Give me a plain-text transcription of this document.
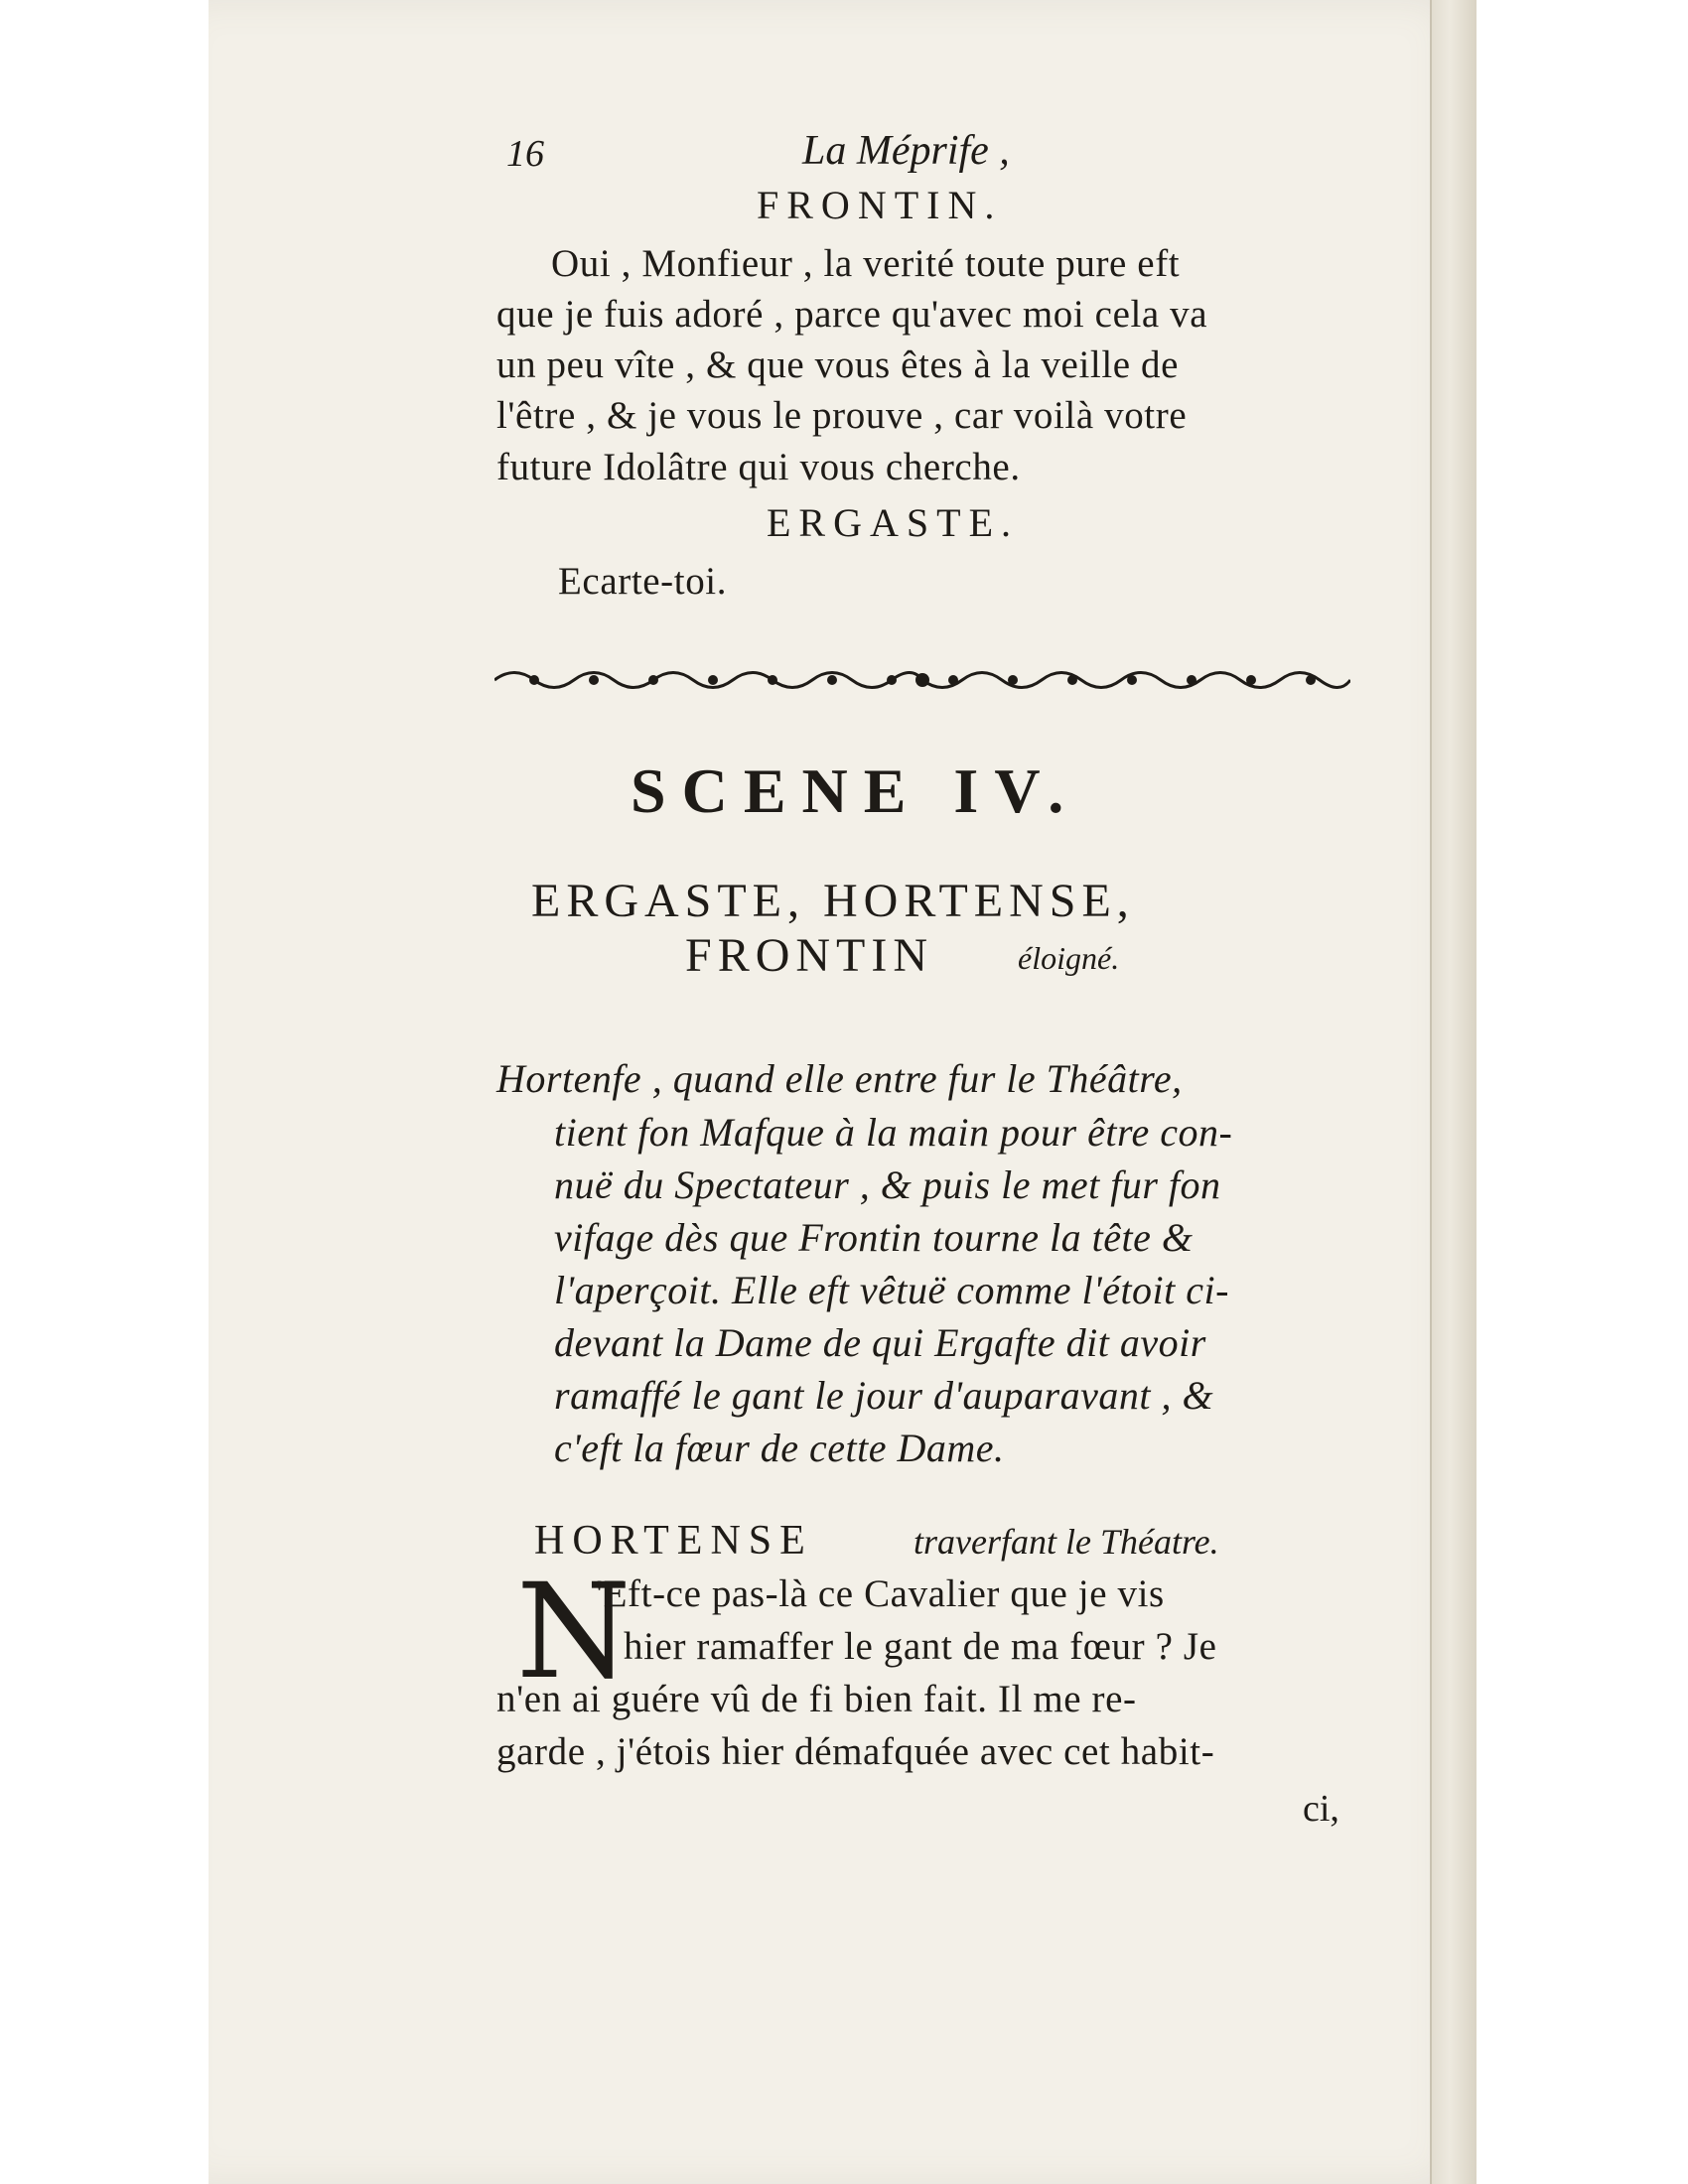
16	La Méprife ,

FRONTIN.

Oui , Monfieur , la verité toute pure eft

que je fuis adoré , parce qu'avec moi cela va

un peu vîte , & que vous êtes à la veille de

l'être , & je vous le prouve , car voilà votre

future Idolâtre qui vous cherche.

ERGASTE.

Ecarte-toi.

SCENE IV.

ERGASTE, HORTENSE,

FRONTIN	éloigné.

Hortenfe , quand elle entre fur le Théâtre,

tient fon Mafque à la main pour être con-

nuë du Spectateur , & puis le met fur fon

vifage dès que Frontin tourne la tête &

l'aperçoit. Elle eft vêtuë comme l'étoit ci-

devant la Dame de qui Ergafte dit avoir

ramaffé le gant le jour d'auparavant , &

c'eft la fœur de cette Dame.

HORTENSE	traverfant le Théatre.

N

'Eft-ce pas-là ce Cavalier que je vis

hier ramaffer le gant de ma fœur ? Je

n'en ai guére vû de fi bien fait. Il me re-

garde , j'étois hier démafquée avec cet habit-

ci,
